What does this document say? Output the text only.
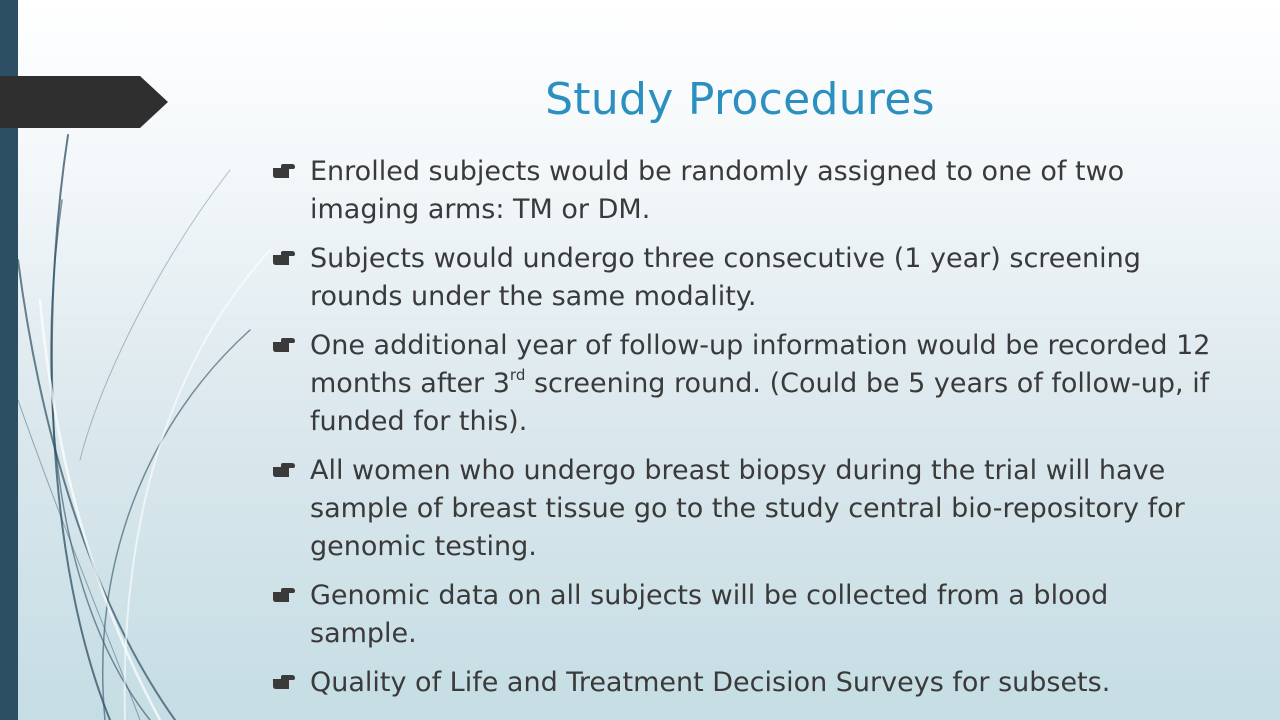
Study Procedures
Enrolled subjects would be randomly assigned to one of two imaging arms: TM or DM.
Subjects would undergo three consecutive (1 year) screening rounds under the same modality.
One additional year of follow-up information would be recorded 12 months after 3rd screening round. (Could be 5 years of follow-up, if funded for this).
All women who undergo breast biopsy during the trial will have sample of breast tissue go to the study central bio-repository for genomic testing.
Genomic data on all subjects will be collected from a blood sample.
Quality of Life and Treatment Decision Surveys for subsets.
